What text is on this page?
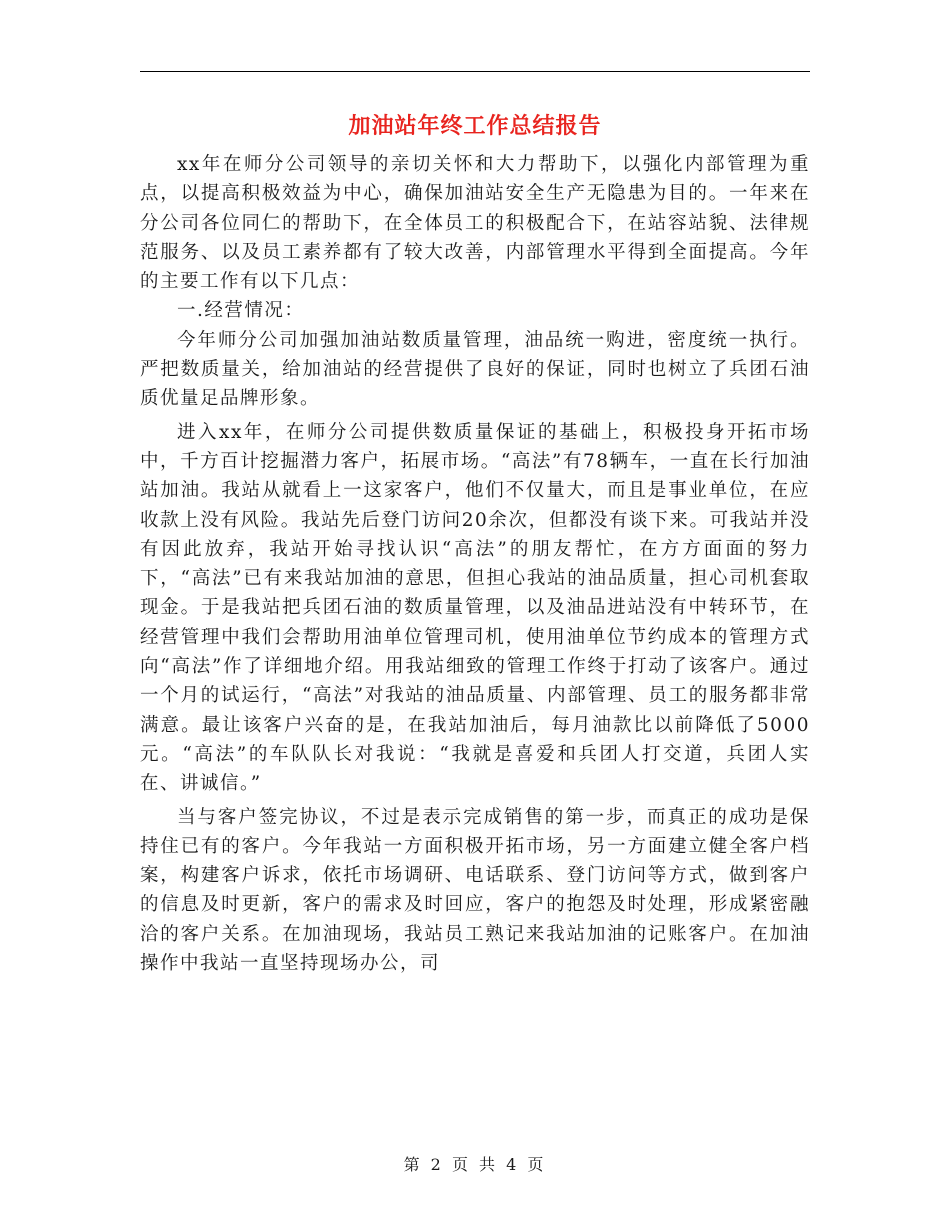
加油站年终工作总结报告

xx年在师分公司领导的亲切关怀和大力帮助下，以强化内部管理为重点，以提高积极效益为中心，确保加油站安全生产无隐患为目的。一年来在分公司各位同仁的帮助下，在全体员工的积极配合下，在站容站貌、法律规范服务、以及员工素养都有了较大改善，内部管理水平得到全面提高。今年的主要工作有以下几点：

一.经营情况：

今年师分公司加强加油站数质量管理，油品统一购进，密度统一执行。严把数质量关，给加油站的经营提供了良好的保证，同时也树立了兵团石油质优量足品牌形象。

进入xx年，在师分公司提供数质量保证的基础上，积极投身开拓市场中，千方百计挖掘潜力客户，拓展市场。“高法”有78辆车，一直在长行加油站加油。我站从就看上一这家客户，他们不仅量大，而且是事业单位，在应收款上没有风险。我站先后登门访问20余次，但都没有谈下来。可我站并没有因此放弃，我站开始寻找认识“高法”的朋友帮忙，在方方面面的努力下，“高法”已有来我站加油的意思，但担心我站的油品质量，担心司机套取现金。于是我站把兵团石油的数质量管理，以及油品进站没有中转环节，在经营管理中我们会帮助用油单位管理司机，使用油单位节约成本的管理方式向“高法”作了详细地介绍。用我站细致的管理工作终于打动了该客户。通过一个月的试运行，“高法”对我站的油品质量、内部管理、员工的服务都非常满意。最让该客户兴奋的是，在我站加油后，每月油款比以前降低了5000元。“高法”的车队队长对我说：“我就是喜爱和兵团人打交道，兵团人实在、讲诚信。”

当与客户签完协议，不过是表示完成销售的第一步，而真正的成功是保持住已有的客户。今年我站一方面积极开拓市场，另一方面建立健全客户档案，构建客户诉求，依托市场调研、电话联系、登门访问等方式，做到客户的信息及时更新，客户的需求及时回应，客户的抱怨及时处理，形成紧密融洽的客户关系。在加油现场，我站员工熟记来我站加油的记账客户。在加油操作中我站一直坚持现场办公，司

第 2 页 共 4 页
